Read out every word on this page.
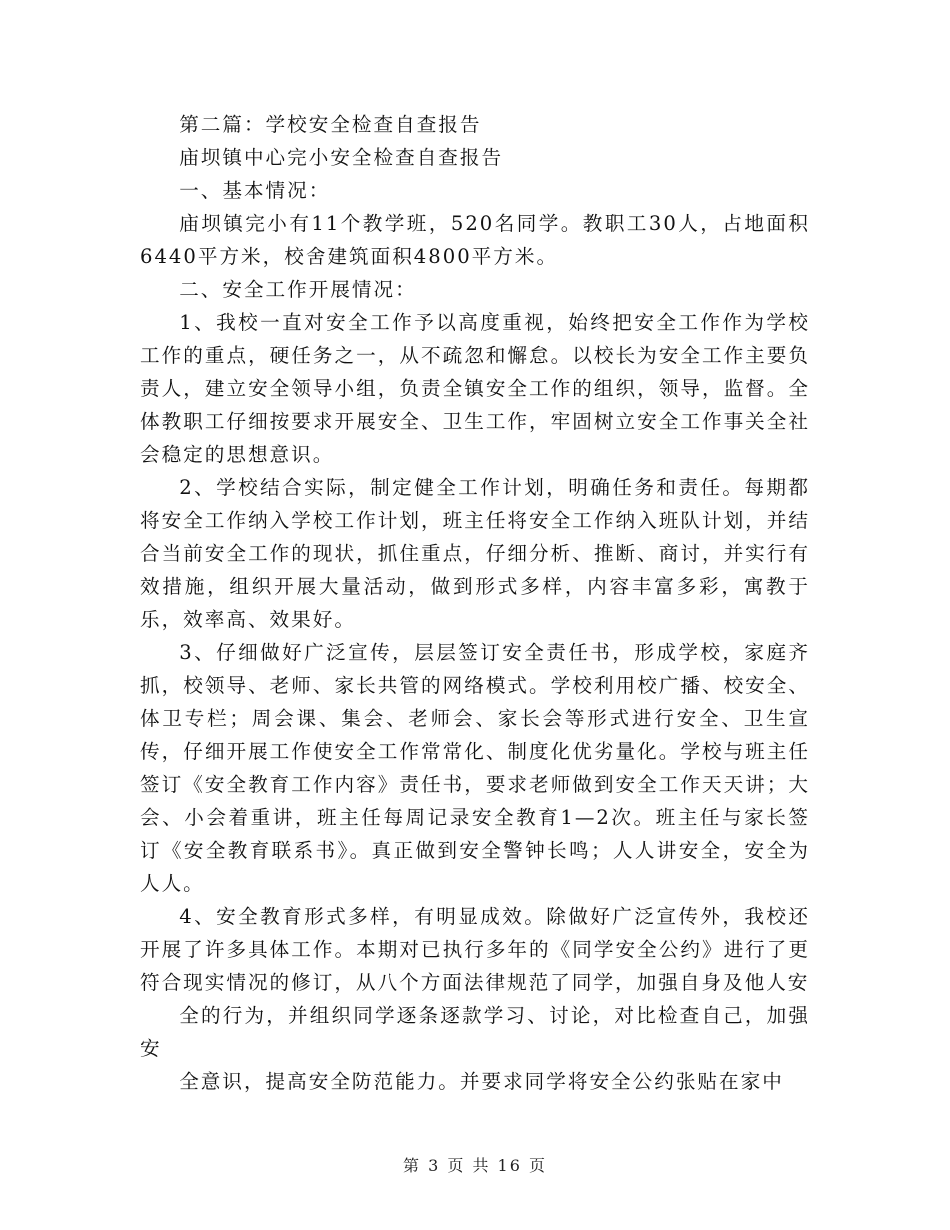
第二篇：学校安全检查自查报告

庙坝镇中心完小安全检查自查报告

一、基本情况：

庙坝镇完小有11个教学班，520名同学。教职工30人，占地面积6440平方米，校舍建筑面积4800平方米。

二、安全工作开展情况：

1、我校一直对安全工作予以高度重视，始终把安全工作作为学校工作的重点，硬任务之一，从不疏忽和懈怠。以校长为安全工作主要负责人，建立安全领导小组，负责全镇安全工作的组织，领导，监督。全体教职工仔细按要求开展安全、卫生工作，牢固树立安全工作事关全社会稳定的思想意识。

2、学校结合实际，制定健全工作计划，明确任务和责任。每期都将安全工作纳入学校工作计划，班主任将安全工作纳入班队计划，并结合当前安全工作的现状，抓住重点，仔细分析、推断、商讨，并实行有效措施，组织开展大量活动，做到形式多样，内容丰富多彩，寓教于乐，效率高、效果好。

3、仔细做好广泛宣传，层层签订安全责任书，形成学校，家庭齐抓，校领导、老师、家长共管的网络模式。学校利用校广播、校安全、体卫专栏；周会课、集会、老师会、家长会等形式进行安全、卫生宣传，仔细开展工作使安全工作常常化、制度化优劣量化。学校与班主任签订《安全教育工作内容》责任书，要求老师做到安全工作天天讲；大会、小会着重讲，班主任每周记录安全教育1—2次。班主任与家长签订《安全教育联系书》。真正做到安全警钟长鸣；人人讲安全，安全为人人。

4、安全教育形式多样，有明显成效。除做好广泛宣传外，我校还开展了许多具体工作。本期对已执行多年的《同学安全公约》进行了更符合现实情况的修订，从八个方面法律规范了同学，加强自身及他人安

全的行为，并组织同学逐条逐款学习、讨论，对比检查自己，加强安

全意识，提高安全防范能力。并要求同学将安全公约张贴在家中

第 3 页 共 16 页
